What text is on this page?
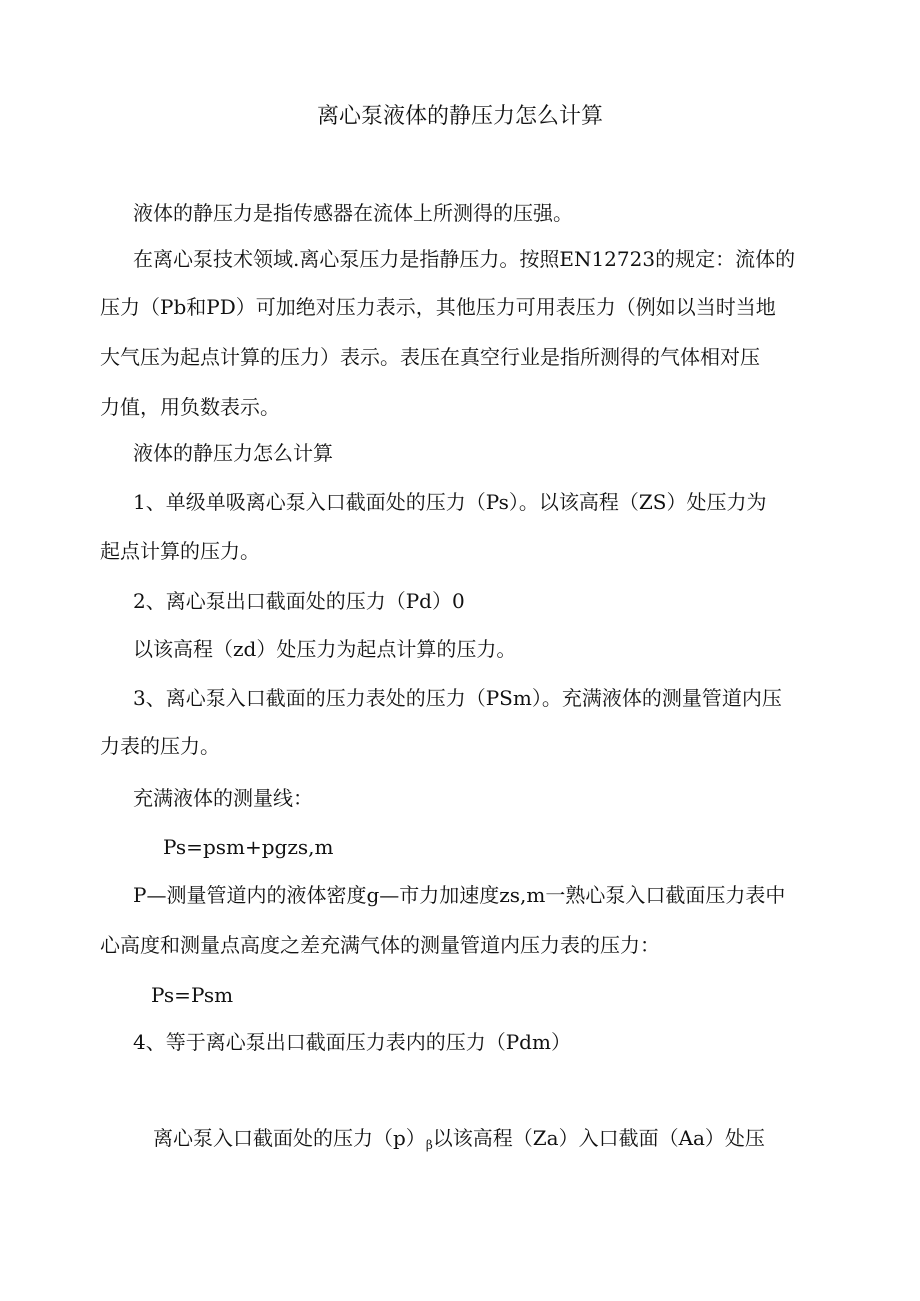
离心泵液体的静压力怎么计算
液体的静压力是指传感器在流体上所测得的压强。
在离心泵技术领域.离心泵压力是指静压力。按照EN12723的规定：流体的
压力（Pb和PD）可加绝对压力表示，其他压力可用表压力（例如以当时当地
大气压为起点计算的压力）表示。表压在真空行业是指所测得的气体相对压
力值，用负数表示。
液体的静压力怎么计算
1、单级单吸离心泵入口截面处的压力（Ps）。以该高程（ZS）处压力为
起点计算的压力。
2、离心泵出口截面处的压力（Pd）0
以该高程（zd）处压力为起点计算的压力。
3、离心泵入口截面的压力表处的压力（PSm）。充满液体的测量管道内压
力表的压力。
充满液体的测量线：
Ps=psm+pgzs,m
P—测量管道内的液体密度g—市力加速度zs,m一熟心泵入口截面压力表中
心高度和测量点高度之差充满气体的测量管道内压力表的压力：
Ps=Psm
4、等于离心泵出口截面压力表内的压力（Pdm）
离心泵入口截面处的压力$(p)_\beta$以该高程（Za）入口截面（Aa）处压
